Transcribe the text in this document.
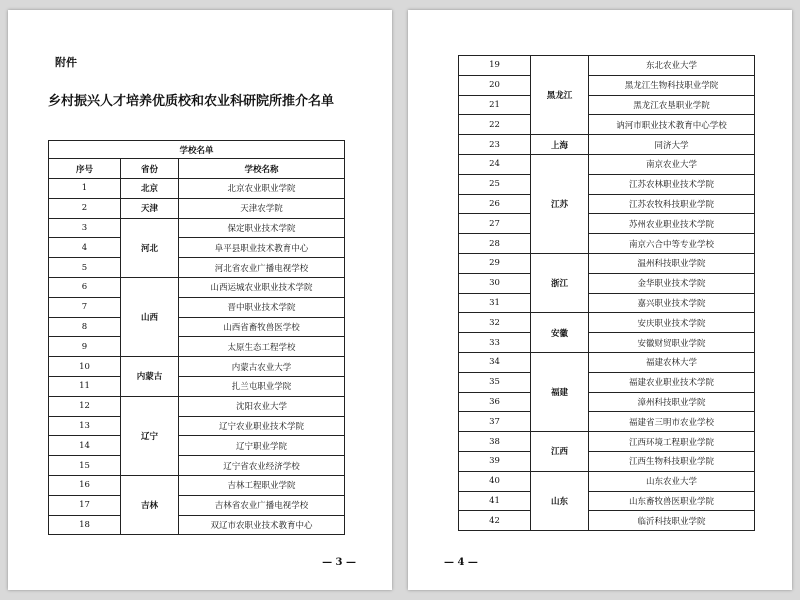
附件
乡村振兴人才培养优质校和农业科研院所推介名单
学校名单		
序号	省份	学校名称
1	北京	北京农业职业学院
2	天津	天津农学院
3	河北	保定职业技术学院
4		阜平县职业技术教育中心
5		河北省农业广播电视学校
6	山西	山西运城农业职业技术学院
7		晋中职业技术学院
8		山西省畜牧兽医学校
9		太原生态工程学校
10	内蒙古	内蒙古农业大学
11		扎兰屯职业学院
12	辽宁	沈阳农业大学
13		辽宁农业职业技术学院
14		辽宁职业学院
15		辽宁省农业经济学校
16	吉林	吉林工程职业学院
17		吉林省农业广播电视学校
18		双辽市农职业技术教育中心
— 3 —
19	黑龙江	东北农业大学
20		黑龙江生物科技职业学院
21		黑龙江农垦职业学院
22		讷河市职业技术教育中心学校
23	上海	同济大学
24	江苏	南京农业大学
25		江苏农林职业技术学院
26		江苏农牧科技职业学院
27		苏州农业职业技术学院
28		南京六合中等专业学校
29	浙江	温州科技职业学院
30		金华职业技术学院
31		嘉兴职业技术学院
32	安徽	安庆职业技术学院
33		安徽财贸职业学院
34	福建	福建农林大学
35		福建农业职业技术学院
36		漳州科技职业学院
37		福建省三明市农业学校
38	江西	江西环境工程职业学院
39		江西生物科技职业学院
40	山东	山东农业大学
41		山东畜牧兽医职业学院
42		临沂科技职业学院
— 4 —
